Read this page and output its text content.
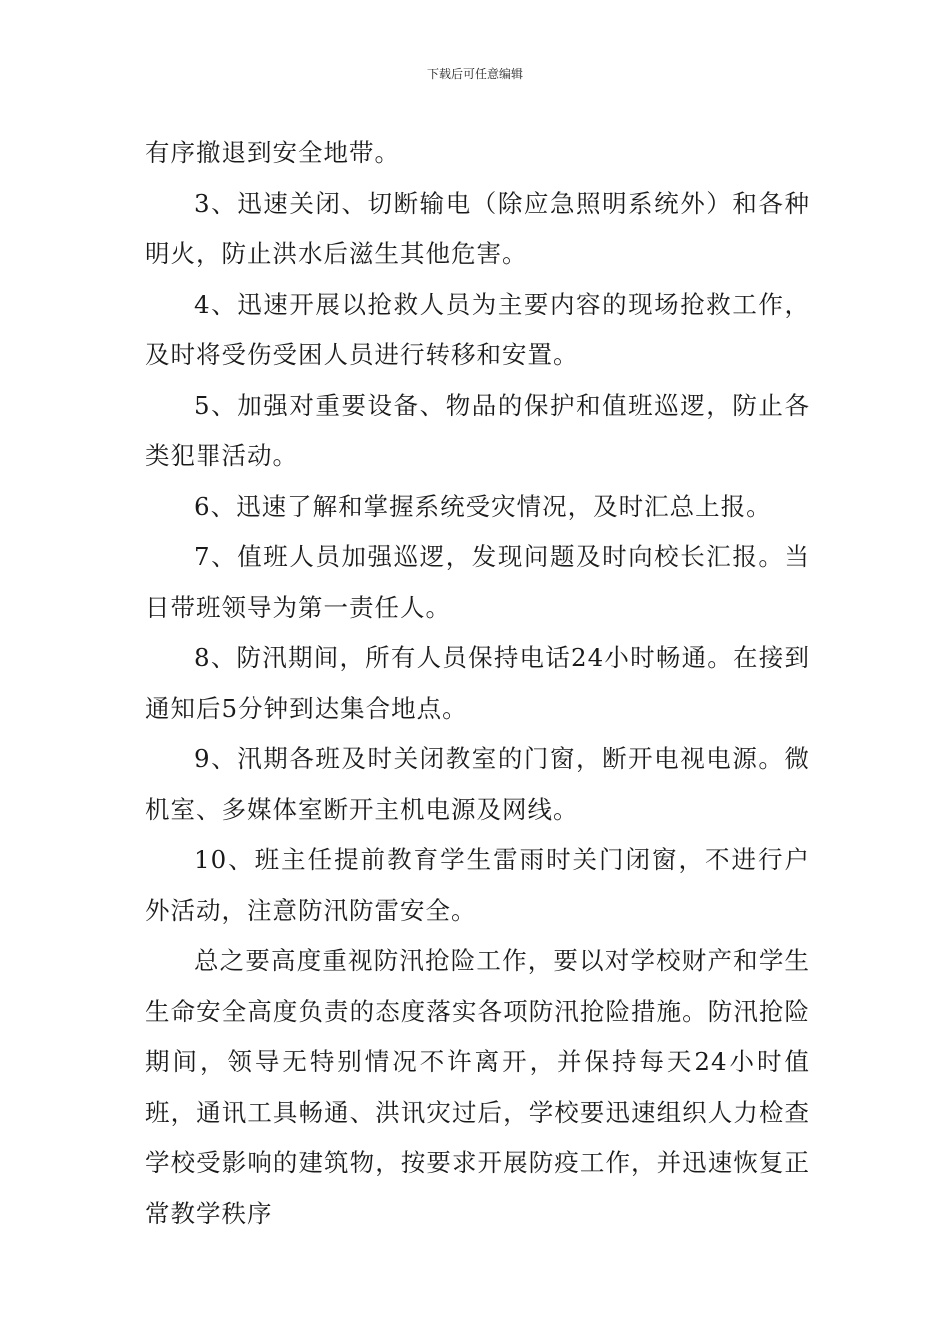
下载后可任意编辑

有序撤退到安全地带。

3、迅速关闭、切断输电（除应急照明系统外）和各种明火，防止洪水后滋生其他危害。

4、迅速开展以抢救人员为主要内容的现场抢救工作，及时将受伤受困人员进行转移和安置。

5、加强对重要设备、物品的保护和值班巡逻，防止各类犯罪活动。

6、迅速了解和掌握系统受灾情况，及时汇总上报。

7、值班人员加强巡逻，发现问题及时向校长汇报。当日带班领导为第一责任人。

8、防汛期间，所有人员保持电话24小时畅通。在接到通知后5分钟到达集合地点。

9、汛期各班及时关闭教室的门窗，断开电视电源。微机室、多媒体室断开主机电源及网线。

10、班主任提前教育学生雷雨时关门闭窗，不进行户外活动，注意防汛防雷安全。

总之要高度重视防汛抢险工作，要以对学校财产和学生生命安全高度负责的态度落实各项防汛抢险措施。防汛抢险期间，领导无特别情况不许离开，并保持每天24小时值班，通讯工具畅通、洪讯灾过后，学校要迅速组织人力检查学校受影响的建筑物，按要求开展防疫工作，并迅速恢复正常教学秩序
